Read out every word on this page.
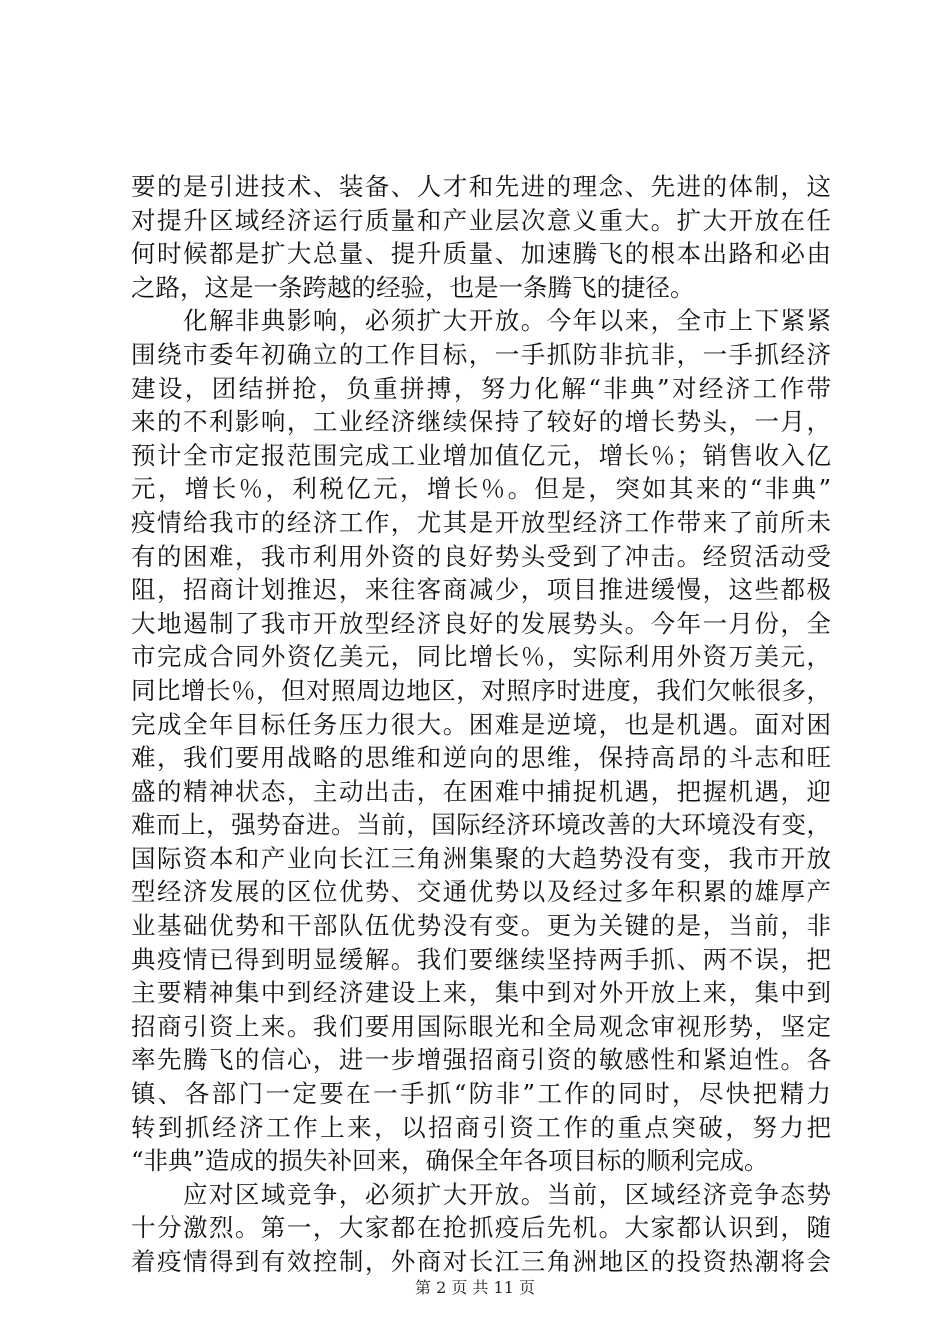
要的是引进技术、装备、人才和先进的理念、先进的体制，这
对提升区域经济运行质量和产业层次意义重大。扩大开放在任
何时候都是扩大总量、提升质量、加速腾飞的根本出路和必由
之路，这是一条跨越的经验，也是一条腾飞的捷径。
　　化解非典影响，必须扩大开放。今年以来，全市上下紧紧
围绕市委年初确立的工作目标，一手抓防非抗非，一手抓经济
建设，团结拼抢，负重拼搏，努力化解“非典”对经济工作带
来的不利影响，工业经济继续保持了较好的增长势头，一月，
预计全市定报范围完成工业增加值亿元，增长％；销售收入亿
元，增长％，利税亿元，增长％。但是，突如其来的“非典”
疫情给我市的经济工作，尤其是开放型经济工作带来了前所未
有的困难，我市利用外资的良好势头受到了冲击。经贸活动受
阻，招商计划推迟，来往客商减少，项目推进缓慢，这些都极
大地遏制了我市开放型经济良好的发展势头。今年一月份，全
市完成合同外资亿美元，同比增长％，实际利用外资万美元，
同比增长％，但对照周边地区，对照序时进度，我们欠帐很多，
完成全年目标任务压力很大。困难是逆境，也是机遇。面对困
难，我们要用战略的思维和逆向的思维，保持高昂的斗志和旺
盛的精神状态，主动出击，在困难中捕捉机遇，把握机遇，迎
难而上，强势奋进。当前，国际经济环境改善的大环境没有变，
国际资本和产业向长江三角洲集聚的大趋势没有变，我市开放
型经济发展的区位优势、交通优势以及经过多年积累的雄厚产
业基础优势和干部队伍优势没有变。更为关键的是，当前，非
典疫情已得到明显缓解。我们要继续坚持两手抓、两不误，把
主要精神集中到经济建设上来，集中到对外开放上来，集中到
招商引资上来。我们要用国际眼光和全局观念审视形势，坚定
率先腾飞的信心，进一步增强招商引资的敏感性和紧迫性。各
镇、各部门一定要在一手抓“防非”工作的同时，尽快把精力
转到抓经济工作上来，以招商引资工作的重点突破，努力把
“非典”造成的损失补回来，确保全年各项目标的顺利完成。
　　应对区域竞争，必须扩大开放。当前，区域经济竞争态势
十分激烈。第一，大家都在抢抓疫后先机。大家都认识到，随
着疫情得到有效控制，外商对长江三角洲地区的投资热潮将会
第 2 页 共 11 页
